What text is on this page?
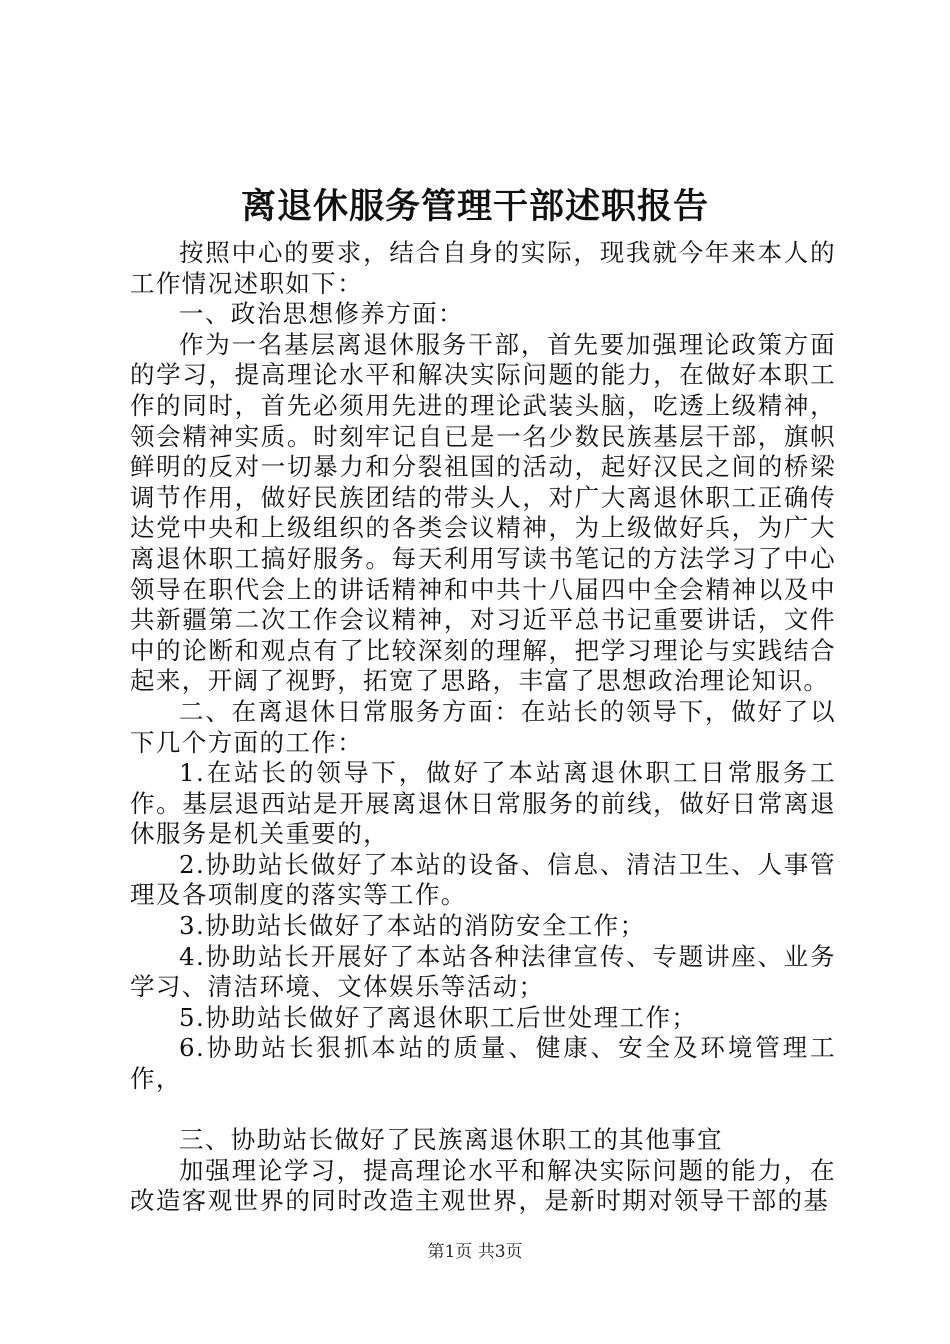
离退休服务管理干部述职报告

按照中心的要求，结合自身的实际，现我就今年来本人的工作情况述职如下：

一、政治思想修养方面：

作为一名基层离退休服务干部，首先要加强理论政策方面的学习，提高理论水平和解决实际问题的能力，在做好本职工作的同时，首先必须用先进的理论武装头脑，吃透上级精神，领会精神实质。时刻牢记自已是一名少数民族基层干部，旗帜鲜明的反对一切暴力和分裂祖国的活动，起好汉民之间的桥梁调节作用，做好民族团结的带头人，对广大离退休职工正确传达党中央和上级组织的各类会议精神，为上级做好兵，为广大离退休职工搞好服务。每天利用写读书笔记的方法学习了中心领导在职代会上的讲话精神和中共十八届四中全会精神以及中共新疆第二次工作会议精神，对习近平总书记重要讲话，文件中的论断和观点有了比较深刻的理解，把学习理论与实践结合起来，开阔了视野，拓宽了思路，丰富了思想政治理论知识。

二、在离退休日常服务方面：在站长的领导下，做好了以下几个方面的工作：

1.在站长的领导下，做好了本站离退休职工日常服务工作。基层退西站是开展离退休日常服务的前线，做好日常离退休服务是机关重要的，

2.协助站长做好了本站的设备、信息、清洁卫生、人事管理及各项制度的落实等工作。

3.协助站长做好了本站的消防安全工作；

4.协助站长开展好了本站各种法律宣传、专题讲座、业务学习、清洁环境、文体娱乐等活动；

5.协助站长做好了离退休职工后世处理工作；

6.协助站长狠抓本站的质量、健康、安全及环境管理工作，

三、协助站长做好了民族离退休职工的其他事宜

加强理论学习，提高理论水平和解决实际问题的能力，在改造客观世界的同时改造主观世界，是新时期对领导干部的基

第1页 共3页
